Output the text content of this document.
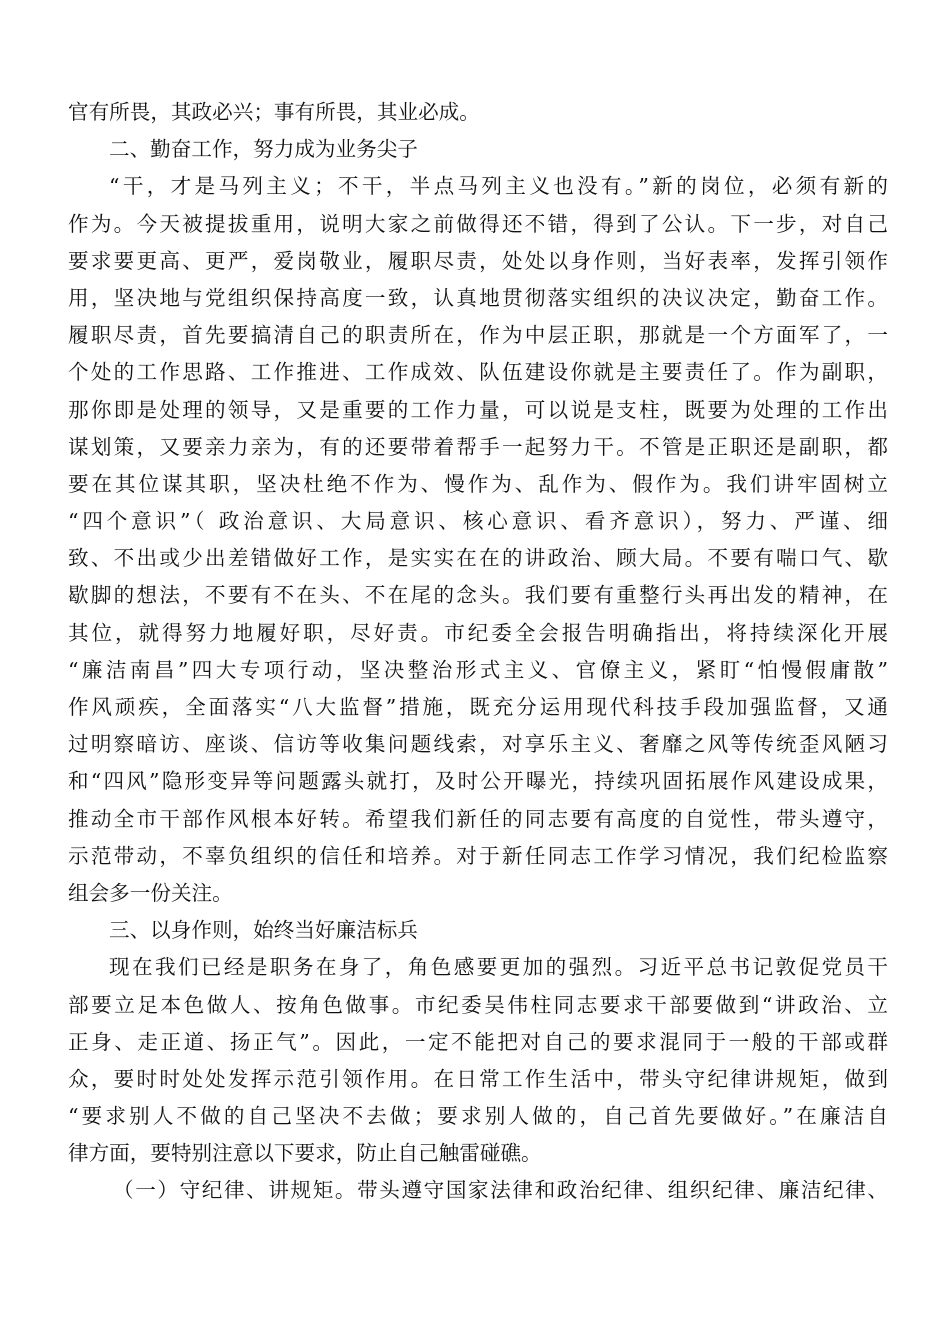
官有所畏，其政必兴；事有所畏，其业必成。
二、勤奋工作，努力成为业务尖子
“干，才是马列主义；不干，半点马列主义也没有。”新的岗位，必须有新的
作为。今天被提拔重用，说明大家之前做得还不错，得到了公认。下一步，对自己
要求要更高、更严，爱岗敬业，履职尽责，处处以身作则，当好表率，发挥引领作
用，坚决地与党组织保持高度一致，认真地贯彻落实组织的决议决定，勤奋工作。
履职尽责，首先要搞清自己的职责所在，作为中层正职，那就是一个方面军了，一
个处的工作思路、工作推进、工作成效、队伍建设你就是主要责任了。作为副职，
那你即是处理的领导，又是重要的工作力量，可以说是支柱，既要为处理的工作出
谋划策，又要亲力亲为，有的还要带着帮手一起努力干。不管是正职还是副职，都
要在其位谋其职，坚决杜绝不作为、慢作为、乱作为、假作为。我们讲牢固树立
“四个意识”（ 政治意识、大局意识、核心意识、看齐意识），努力、严谨、细
致、不出或少出差错做好工作，是实实在在的讲政治、顾大局。不要有喘口气、歇
歇脚的想法，不要有不在头、不在尾的念头。我们要有重整行头再出发的精神，在
其位，就得努力地履好职，尽好责。市纪委全会报告明确指出，将持续深化开展
“廉洁南昌”四大专项行动，坚决整治形式主义、官僚主义，紧盯“怕慢假庸散”
作风顽疾，全面落实“八大监督”措施，既充分运用现代科技手段加强监督，又通
过明察暗访、座谈、信访等收集问题线索，对享乐主义、奢靡之风等传统歪风陋习
和“四风”隐形变异等问题露头就打，及时公开曝光，持续巩固拓展作风建设成果，
推动全市干部作风根本好转。希望我们新任的同志要有高度的自觉性，带头遵守，
示范带动，不辜负组织的信任和培养。对于新任同志工作学习情况，我们纪检监察
组会多一份关注。
三、以身作则，始终当好廉洁标兵
现在我们已经是职务在身了，角色感要更加的强烈。习近平总书记敦促党员干
部要立足本色做人、按角色做事。市纪委吴伟柱同志要求干部要做到“讲政治、立
正身、走正道、扬正气”。因此，一定不能把对自己的要求混同于一般的干部或群
众，要时时处处发挥示范引领作用。在日常工作生活中，带头守纪律讲规矩，做到
“要求别人不做的自己坚决不去做；要求别人做的，自己首先要做好。”在廉洁自
律方面，要特别注意以下要求，防止自己触雷碰礁。
（一）守纪律、讲规矩。带头遵守国家法律和政治纪律、组织纪律、廉洁纪律、
